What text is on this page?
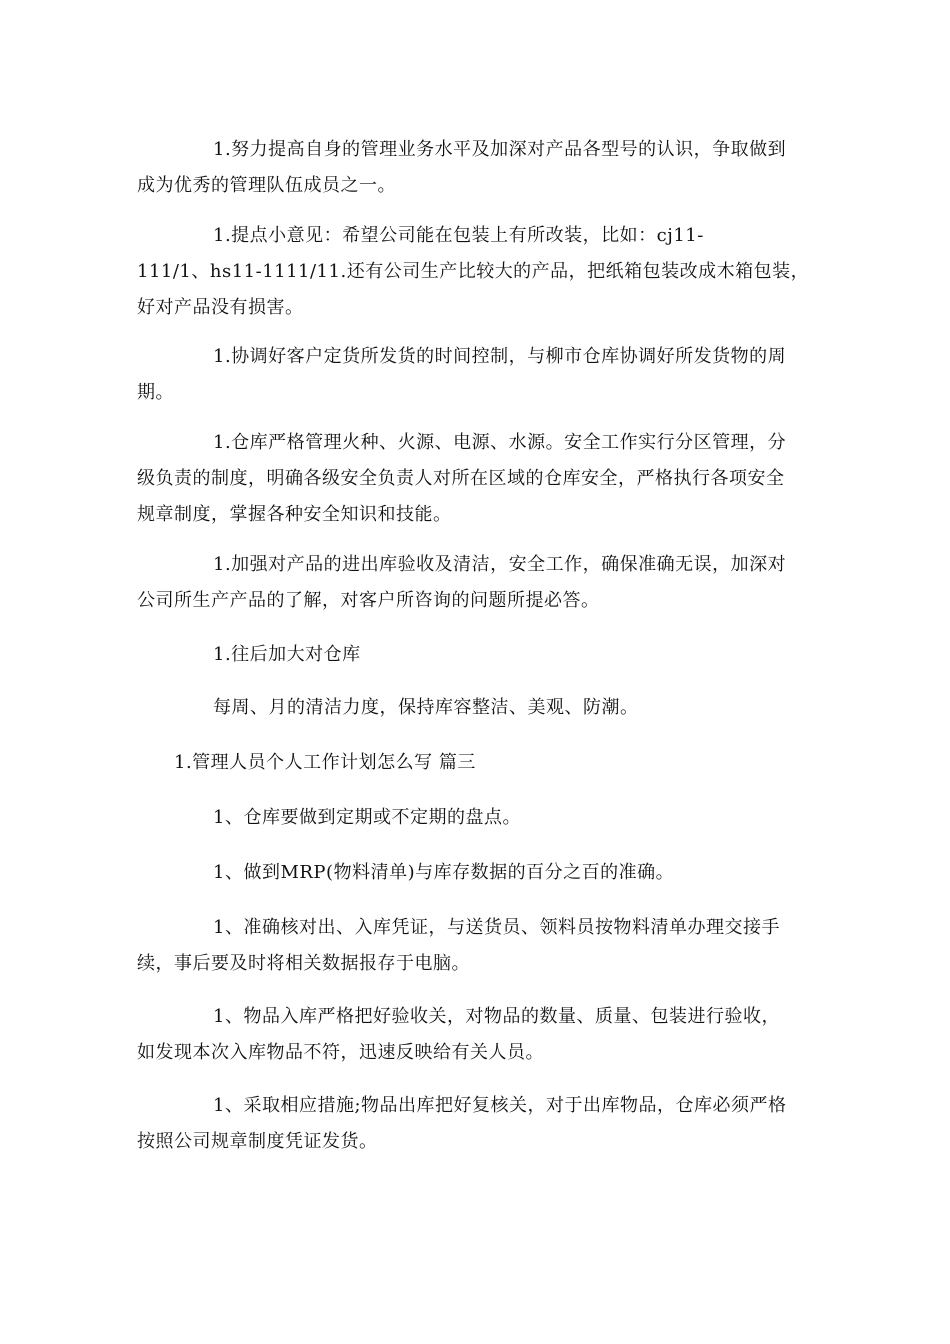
1.努力提高自身的管理业务水平及加深对产品各型号的认识，争取做到
成为优秀的管理队伍成员之一。

1.提点小意见：希望公司能在包装上有所改装，比如：cj11-
111/1、hs11-1111/11.还有公司生产比较大的产品，把纸箱包装改成木箱包装，
好对产品没有损害。

1.协调好客户定货所发货的时间控制，与柳市仓库协调好所发货物的周
期。

1.仓库严格管理火种、火源、电源、水源。安全工作实行分区管理，分
级负责的制度，明确各级安全负责人对所在区域的仓库安全，严格执行各项安全
规章制度，掌握各种安全知识和技能。

1.加强对产品的进出库验收及清洁，安全工作，确保准确无误，加深对
公司所生产产品的了解，对客户所咨询的问题所提必答。

1.往后加大对仓库

每周、月的清洁力度，保持库容整洁、美观、防潮。

1.管理人员个人工作计划怎么写 篇三

1、仓库要做到定期或不定期的盘点。

1、做到MRP(物料清单)与库存数据的百分之百的准确。

1、准确核对出、入库凭证，与送货员、领料员按物料清单办理交接手
续，事后要及时将相关数据报存于电脑。

1、物品入库严格把好验收关，对物品的数量、质量、包装进行验收，
如发现本次入库物品不符，迅速反映给有关人员。

1、采取相应措施;物品出库把好复核关，对于出库物品，仓库必须严格
按照公司规章制度凭证发货。
